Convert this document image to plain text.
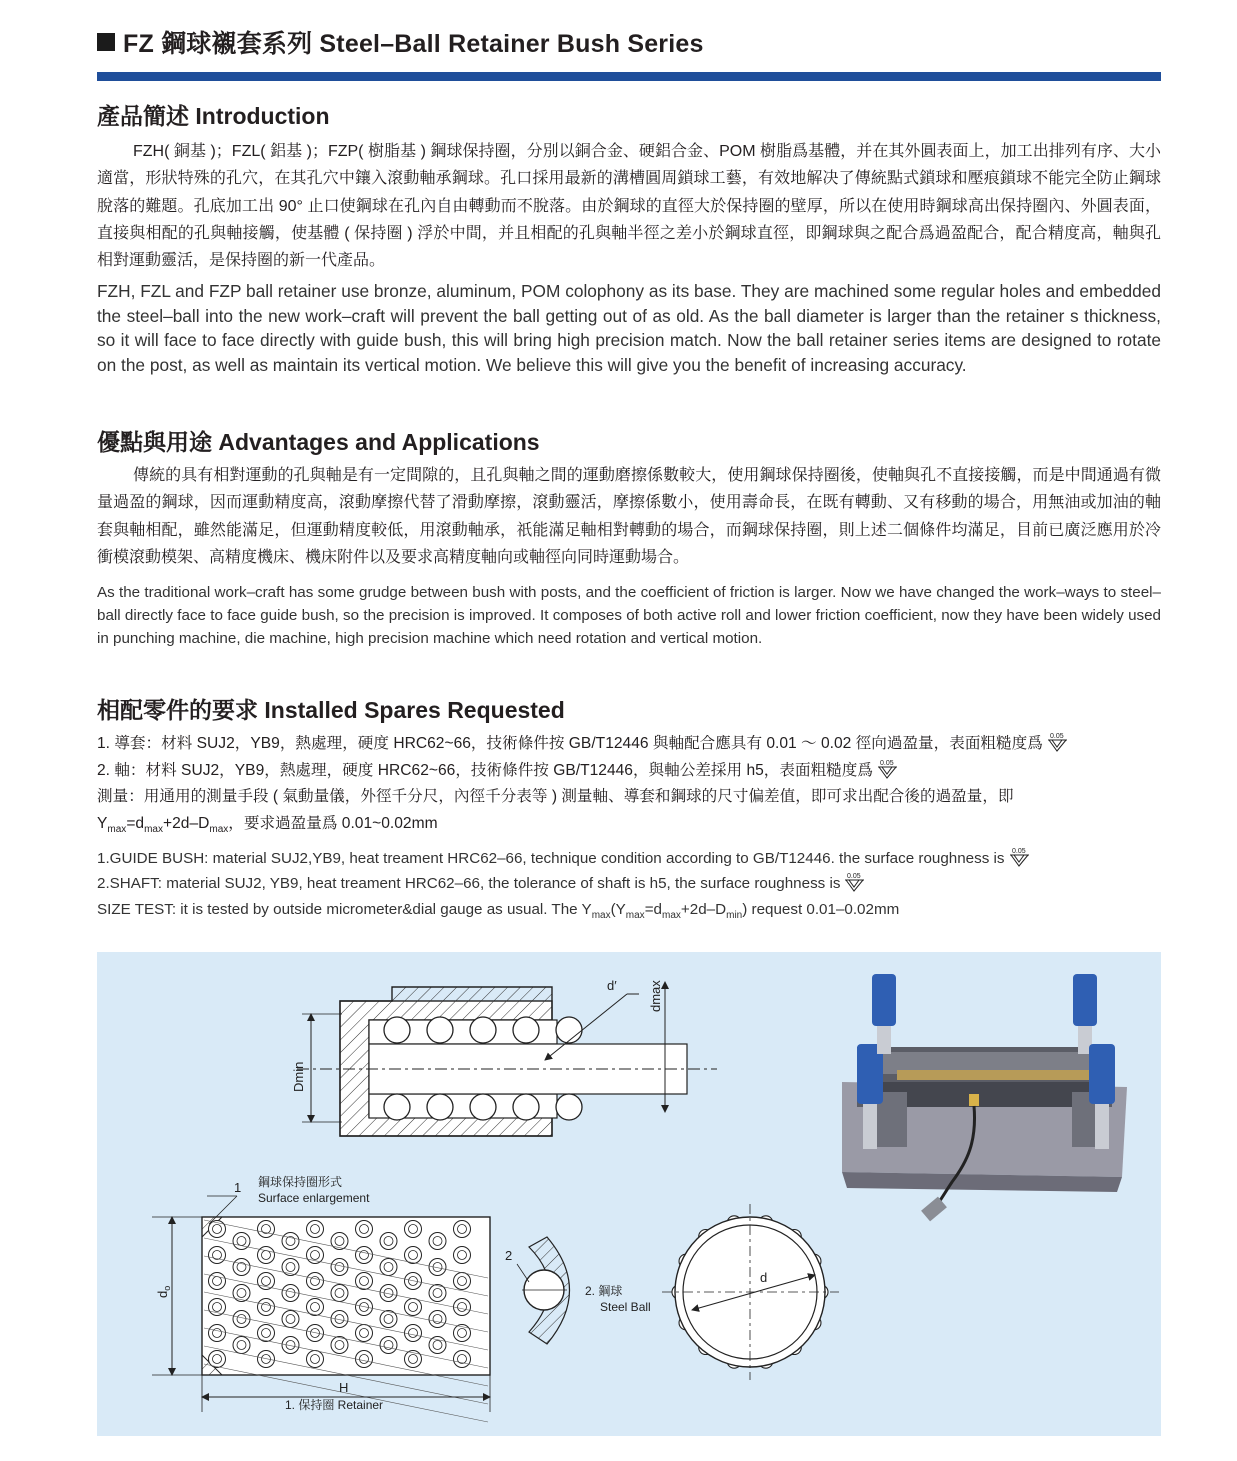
FZ 鋼球襯套系列 Steel–Ball Retainer Bush Series
產品簡述 Introduction

FZH( 銅基 )；FZL( 鋁基 )；FZP( 樹脂基 ) 鋼球保持圈，分別以銅合金、硬鋁合金、POM 樹脂爲基體，并在其外圓表面上，加工出排列有序、大小適當，形狀特殊的孔穴，在其孔穴中鑲入滾動軸承鋼球。孔口採用最新的溝槽圓周鎖球工藝，有效地解决了傳統點式鎖球和壓痕鎖球不能完全防止鋼球脫落的難題。孔底加工出 90° 止口使鋼球在孔內自由轉動而不脫落。由於鋼球的直徑大於保持圈的壁厚，所以在使用時鋼球高出保持圈內、外圓表面，直接與相配的孔與軸接觸，使基體 ( 保持圈 ) 浮於中間，并且相配的孔與軸半徑之差小於鋼球直徑，即鋼球與之配合爲過盈配合，配合精度高，軸與孔相對運動靈活，是保持圈的新一代產品。

FZH, FZL and FZP ball retainer use bronze, aluminum, POM colophony as its base. They are machined some regular holes and embedded the steel–ball into the new work–craft will prevent the ball getting out of as old. As the ball diameter is larger than the retainer s thickness, so it will face to face directly with guide bush, this will bring high precision match. Now the ball retainer series items are designed to rotate on the post, as well as maintain its vertical motion. We believe this will give you the benefit of increasing accuracy.

優點與用途 Advantages and Applications

傳統的具有相對運動的孔與軸是有一定間隙的，且孔與軸之間的運動磨擦係數較大，使用鋼球保持圈後，使軸與孔不直接接觸，而是中間通過有微量過盈的鋼球，因而運動精度高，滾動摩擦代替了滑動摩擦，滾動靈活，摩擦係數小，使用壽命長，在既有轉動、又有移動的場合，用無油或加油的軸套與軸相配，雖然能滿足，但運動精度較低，用滾動軸承，祇能滿足軸相對轉動的場合，而鋼球保持圈，則上述二個條件均滿足，目前已廣泛應用於冷衝模滾動模架、高精度機床、機床附件以及要求高精度軸向或軸徑向同時運動場合。

As the traditional work–craft has some grudge between bush with posts, and the coefficient of friction is larger. Now we have changed the work–ways to steel–ball directly face to face guide bush, so the precision is improved. It composes of both active roll and lower friction coefficient, now they have been widely used in punching machine, die machine, high precision machine which need rotation and vertical motion.

相配零件的要求 Installed Spares Requested
1. 導套：材料 SUJ2，YB9，熱處理，硬度 HRC62~66，技術條件按 GB/T12446 與軸配合應具有 0.01 ～ 0.02 徑向過盈量，表面粗糙度爲 0.05
2. 軸：材料 SUJ2，YB9，熱處理，硬度 HRC62~66，技術條件按 GB/T12446，與軸公差採用 h5，表面粗糙度爲 0.05
測量：用通用的測量手段 ( 氣動量儀，外徑千分尺，內徑千分表等 ) 測量軸、導套和鋼球的尺寸偏差值，即可求出配合後的過盈量，即
$Y_{max}=d_{max}+2d-D_{max}$，要求過盈量爲 0.01~0.02mm
1.GUIDE BUSH: material SUJ2,YB9, heat treament HRC62–66, technique condition according to GB/T12446. the surface roughness is 0.05
2.SHAFT: material SUJ2, YB9, heat treament HRC62–66, the tolerance of shaft is h5, the surface roughness is 0.05
SIZE TEST: it is tested by outside micrometer&dial gauge as usual. The $Y_{max}(Y_{max}=d_{max}+2d-D_{min})$ request 0.01–0.02mm
Dmin
dmax
d′
$d_o$
H
1. 保持圈 Retainer
1 鋼球保持圈形式
Surface enlargement
2
2. 鋼球
Steel Ball
d
